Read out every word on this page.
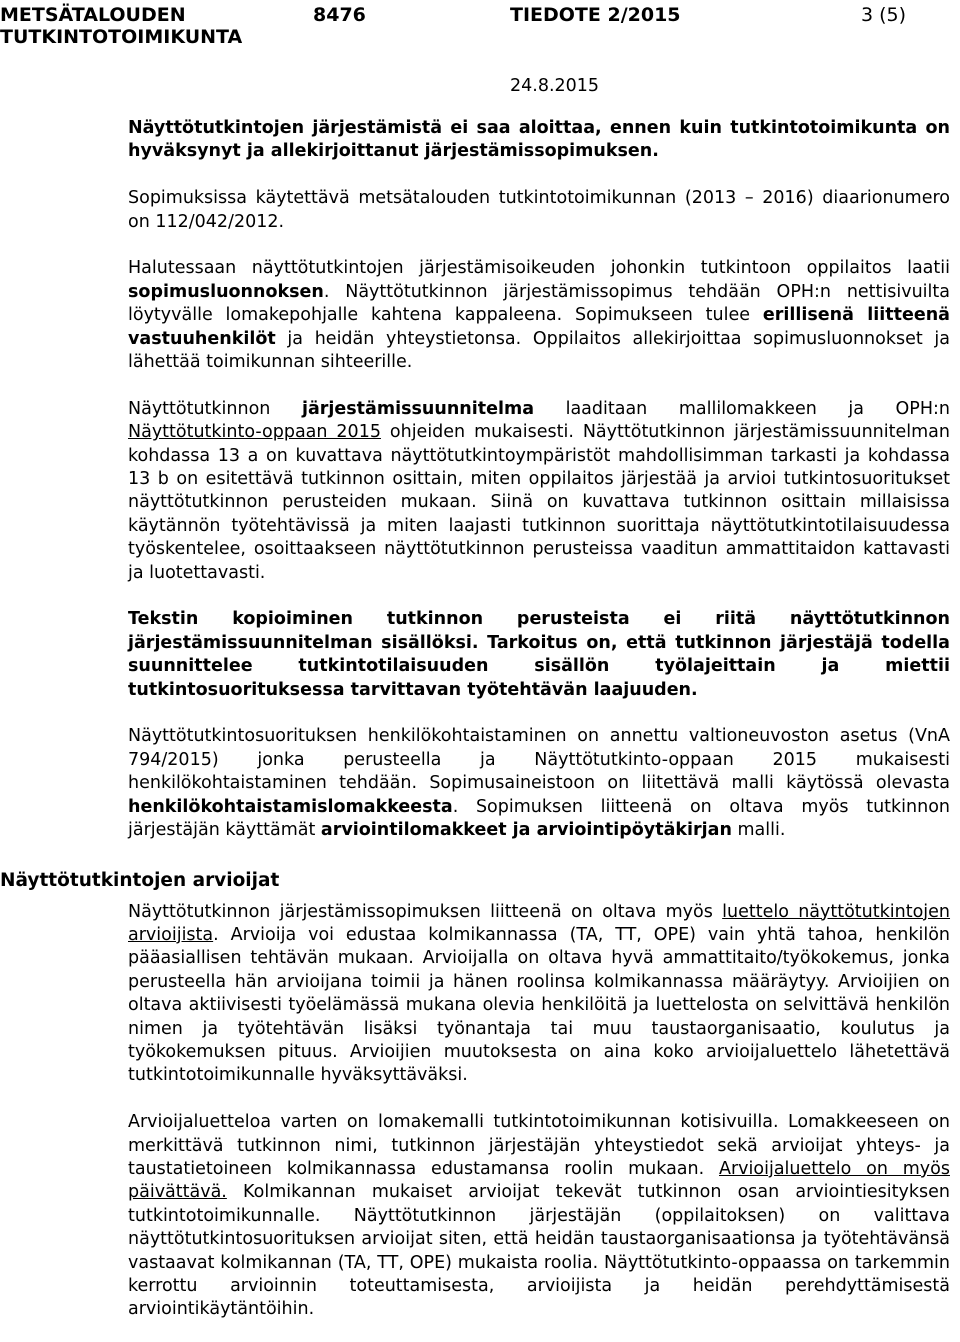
METSÄTALOUDEN
TUTKINTOTOIMIKUNTA
8476	TIEDOTE 2/2015	3 (5)
24.8.2015
Näyttötutkintojen arvioijat

Näyttötutkintojen järjestämistä ei saa aloittaa, ennen kuin tutkintotoimikunta on hyväksynyt ja allekirjoittanut järjestämissopimuksen.

Sopimuksissa käytettävä metsätalouden tutkintotoimikunnan (2013 – 2016) diaarionumero on 112/042/2012.

Halutessaan näyttötutkintojen järjestämisoikeuden johonkin tutkintoon oppilaitos laatii sopimusluonnoksen. Näyttötutkinnon järjestämissopimus tehdään OPH:n nettisivuilta löytyvälle lomakepohjalle kahtena kappaleena. Sopimukseen tulee erillisenä liitteenä vastuuhenkilöt ja heidän yhteystietonsa. Oppilaitos allekirjoittaa sopimusluonnokset ja lähettää toimikunnan sihteerille.

Näyttötutkinnon järjestämissuunnitelma laaditaan mallilomakkeen ja OPH:n Näyttötutkinto-oppaan 2015 ohjeiden mukaisesti. Näyttötutkinnon järjestämissuunnitelman kohdassa 13 a on kuvattava näyttötutkintoympäristöt mahdollisimman tarkasti ja kohdassa 13 b on esitettävä tutkinnon osittain, miten oppilaitos järjestää ja arvioi tutkintosuoritukset näyttötutkinnon perusteiden mukaan. Siinä on kuvattava tutkinnon osittain millaisissa käytännön työtehtävissä ja miten laajasti tutkinnon suorittaja näyttötutkintotilaisuudessa työskentelee, osoittaakseen näyttötutkinnon perusteissa vaaditun ammattitaidon kattavasti ja luotettavasti.

Tekstin kopioiminen tutkinnon perusteista ei riitä näyttötutkinnon järjestämissuunnitelman sisällöksi. Tarkoitus on, että tutkinnon järjestäjä todella suunnittelee tutkintotilaisuuden sisällön työlajeittain ja miettii tutkintosuorituksessa tarvittavan työtehtävän laajuuden.

Näyttötutkintosuorituksen henkilökohtaistaminen on annettu valtioneuvoston asetus (VnA 794/2015) jonka perusteella ja Näyttötutkinto-oppaan 2015 mukaisesti henkilökohtaistaminen tehdään. Sopimusaineistoon on liitettävä malli käytössä olevasta henkilökohtaistamislomakkeesta. Sopimuksen liitteenä on oltava myös tutkinnon järjestäjän käyttämät arviointilomakkeet ja arviointipöytäkirjan malli.

Näyttötutkinnon järjestämissopimuksen liitteenä on oltava myös luettelo näyttötutkintojen arvioijista. Arvioija voi edustaa kolmikannassa (TA, TT, OPE) vain yhtä tahoa, henkilön pääasiallisen tehtävän mukaan. Arvioijalla on oltava hyvä ammattitaito/työkokemus, jonka perusteella hän arvioijana toimii ja hänen roolinsa kolmikannassa määräytyy. Arvioijien on oltava aktiivisesti työelämässä mukana olevia henkilöitä ja luettelosta on selvittävä henkilön nimen ja työtehtävän lisäksi työnantaja tai muu taustaorganisaatio, koulutus ja työkokemuksen pituus. Arvioijien muutoksesta on aina koko arvioijaluettelo lähetettävä tutkintotoimikunnalle hyväksyttäväksi.

Arvioijaluetteloa varten on lomakemalli tutkintotoimikunnan kotisivuilla. Lomakkeeseen on merkittävä tutkinnon nimi, tutkinnon järjestäjän yhteystiedot sekä arvioijat yhteys- ja taustatietoineen kolmikannassa edustamansa roolin mukaan. Arvioijaluettelo on myös päivättävä. Kolmikannan mukaiset arvioijat tekevät tutkinnon osan arviointiesityksen tutkintotoimikunnalle. Näyttötutkinnon järjestäjän (oppilaitoksen) on valittava näyttötutkintosuorituksen arvioijat siten, että heidän taustaorganisaationsa ja työtehtävänsä vastaavat kolmikannan (TA, TT, OPE) mukaista roolia. Näyttötutkinto-oppaassa on tarkemmin kerrottu arvioinnin toteuttamisesta, arvioijista ja heidän perehdyttämisestä arviointikäytäntöihin.
